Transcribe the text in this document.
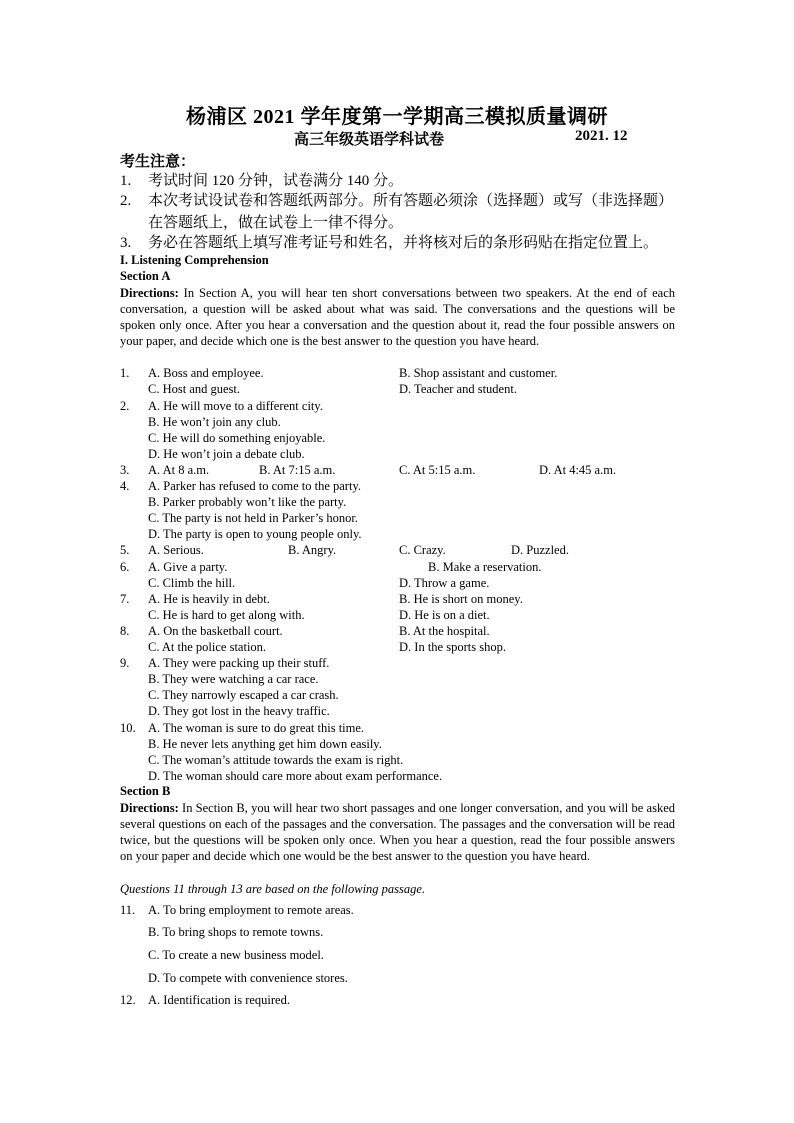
杨浦区 2021 学年度第一学期高三模拟质量调研
高三年级英语学科试卷	2021. 12
考生注意：
1. 考试时间 120 分钟，试卷满分 140 分。
2. 本次考试设试卷和答题纸两部分。所有答题必须涂（选择题）或写（非选择题）在答题纸上，做在试卷上一律不得分。
3. 务必在答题纸上填写准考证号和姓名，并将核对后的条形码贴在指定位置上。
I. Listening Comprehension
Section A
Directions: In Section A, you will hear ten short conversations between two speakers. At the end of each conversation, a question will be asked about what was said. The conversations and the questions will be spoken only once. After you hear a conversation and the question about it, read the four possible answers on your paper, and decide which one is the best answer to the question you have heard.
1. A. Boss and employee.	B. Shop assistant and customer.
C. Host and guest.	D. Teacher and student.
2. A. He will move to a different city.
B. He won’t join any club.
C. He will do something enjoyable.
D. He won’t join a debate club.
3. A. At 8 a.m.	B. At 7:15 a.m.	C. At 5:15 a.m.	D. At 4:45 a.m.
4. A. Parker has refused to come to the party.
B. Parker probably won’t like the party.
C. The party is not held in Parker’s honor.
D. The party is open to young people only.
5. A. Serious.	B. Angry.	C. Crazy.	D. Puzzled.
6. A. Give a party.	B. Make a reservation.
C. Climb the hill.	D. Throw a game.
7. A. He is heavily in debt.	B. He is short on money.
C. He is hard to get along with.	D. He is on a diet.
8. A. On the basketball court.	B. At the hospital.
C. At the police station.	D. In the sports shop.
9. A. They were packing up their stuff.
B. They were watching a car race.
C. They narrowly escaped a car crash.
D. They got lost in the heavy traffic.
10. A. The woman is sure to do great this time.
B. He never lets anything get him down easily.
C. The woman’s attitude towards the exam is right.
D. The woman should care more about exam performance.
Section B
Directions: In Section B, you will hear two short passages and one longer conversation, and you will be asked several questions on each of the passages and the conversation. The passages and the conversation will be read twice, but the questions will be spoken only once. When you hear a question, read the four possible answers on your paper and decide which one would be the best answer to the question you have heard.
Questions 11 through 13 are based on the following passage.
11. A. To bring employment to remote areas.
B. To bring shops to remote towns.
C. To create a new business model.
D. To compete with convenience stores.
12. A. Identification is required.
